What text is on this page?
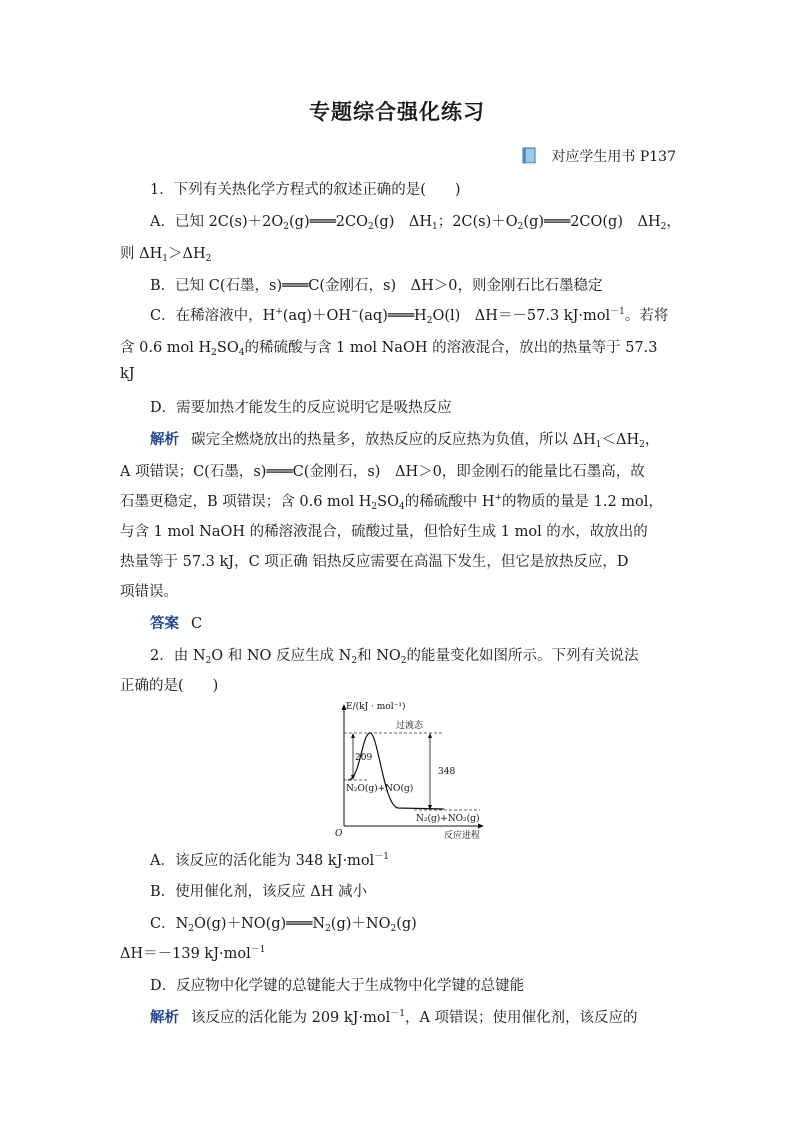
专题综合强化练习
对应学生用书 P137
1．下列有关热化学方程式的叙述正确的是(　　)
A．已知 $2C(s)+2O_2(g)═══2CO_2(g)$　$\Delta H_1$；$2C(s)+O_2(g)═══2CO(g)$　$\Delta H_2$，
则 $\Delta H_1>\Delta H_2$
B．已知 C(石墨，s)═══C(金刚石，s)　ΔH＞0，则金刚石比石墨稳定
C．在稀溶液中，$H^+(aq)+OH^-(aq)═══H_2O(l)$　ΔH＝－57.3 kJ·mol$^{-1}$。若将
含 0.6 mol $H_2SO_4$的稀硫酸与含 1 mol NaOH 的溶液混合，放出的热量等于 57.3
kJ
D．需要加热才能发生的反应说明它是吸热反应
解析 碳完全燃烧放出的热量多，放热反应的反应热为负值，所以 $\Delta H_1<\Delta H_2$，
A 项错误；C(石墨，s)═══C(金刚石，s)　ΔH＞0，即金刚石的能量比石墨高，故
石墨更稳定，B 项错误；含 0.6 mol $H_2SO_4$的稀硫酸中 H+的物质的量是 1.2 mol，
与含 1 mol NaOH 的稀溶液混合，硫酸过量，但恰好生成 1 mol 的水，故放出的
热量等于 57.3 kJ，C 项正确 铝热反应需要在高温下发生，但它是放热反应，D
项错误。
答案 C
2．由 $N_2O$ 和 NO 反应生成 $N_2$和 $NO_2$的能量变化如图所示。下列有关说法
正确的是(　　)
E/(kJ · mol⁻¹)
O	反应进程
209
348
过渡态
N₂O(g)+NO(g)
N₂(g)+NO₂(g)
A．该反应的活化能为 348 kJ·mol$^{-1}$
B．使用催化剂，该反应 ΔH 减小
C．$N_2O(g)+NO(g)═══N_2(g)+NO_2(g)$
ΔH＝－139 kJ·mol$^{-1}$
D．反应物中化学键的总键能大于生成物中化学键的总键能
解析 该反应的活化能为 209 kJ·mol$^{-1}$，A 项错误；使用催化剂，该反应的
